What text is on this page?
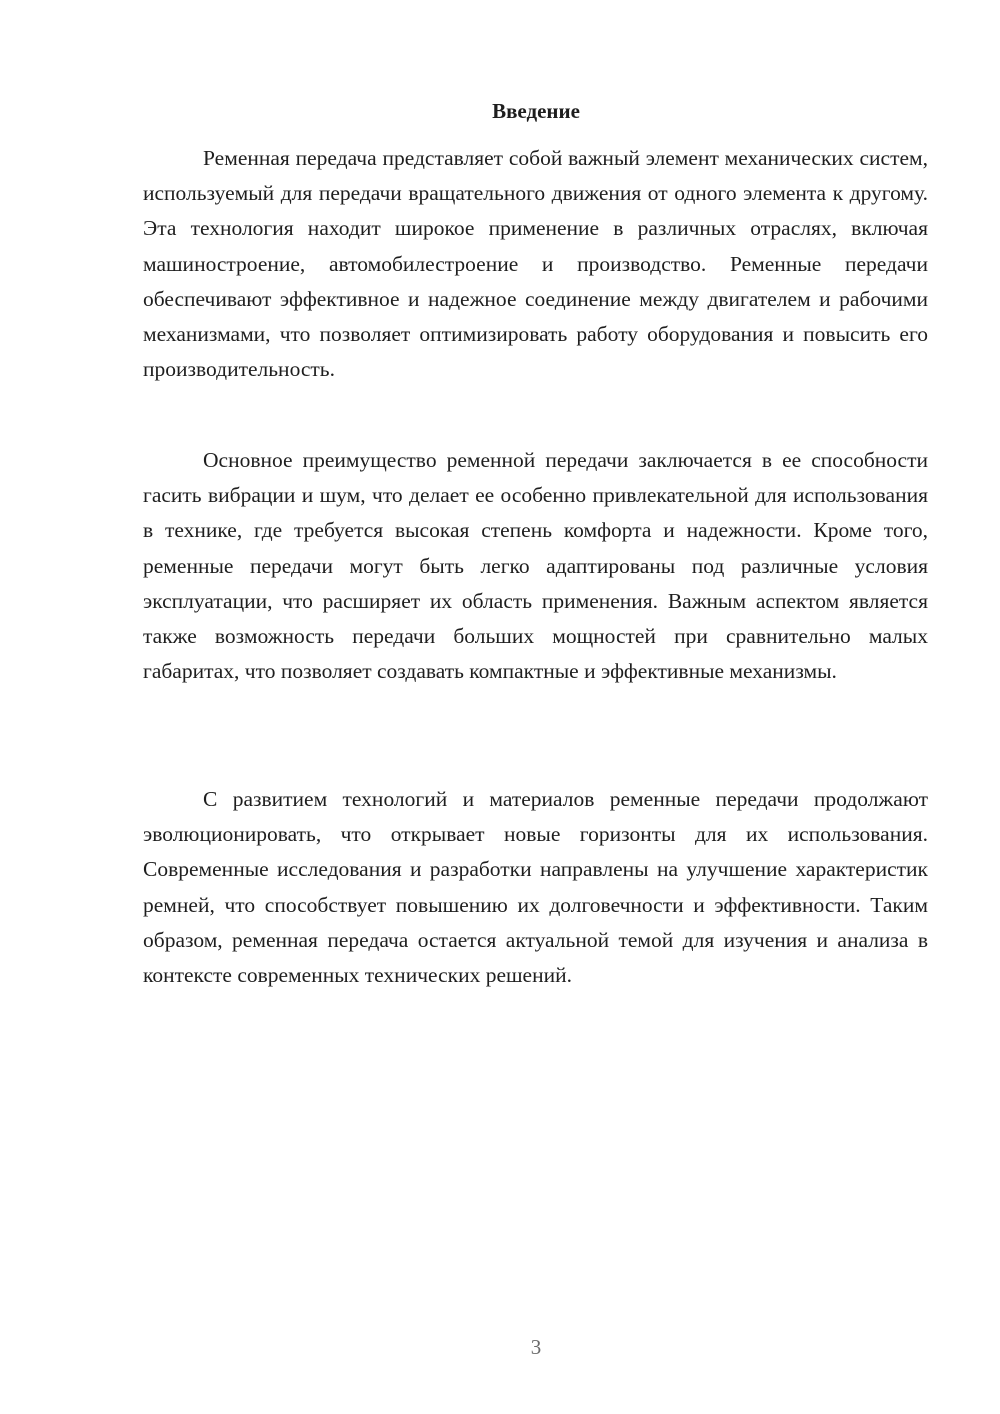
Введение

Ременная передача представляет собой важный элемент механических систем, используемый для передачи вращательного движения от одного элемента к другому. Эта технология находит широкое применение в различных отраслях, включая машиностроение, автомобилестроение и производство. Ременные передачи обеспечивают эффективное и надежное соединение между двигателем и рабочими механизмами, что позволяет оптимизировать работу оборудования и повысить его производительность.

Основное преимущество ременной передачи заключается в ее способности гасить вибрации и шум, что делает ее особенно привлекательной для использования в технике, где требуется высокая степень комфорта и надежности. Кроме того, ременные передачи могут быть легко адаптированы под различные условия эксплуатации, что расширяет их область применения. Важным аспектом является также возможность передачи больших мощностей при сравнительно малых габаритах, что позволяет создавать компактные и эффективные механизмы.

С развитием технологий и материалов ременные передачи продолжают эволюционировать, что открывает новые горизонты для их использования. Современные исследования и разработки направлены на улучшение характеристик ремней, что способствует повышению их долговечности и эффективности. Таким образом, ременная передача остается актуальной темой для изучения и анализа в контексте современных технических решений.

3
